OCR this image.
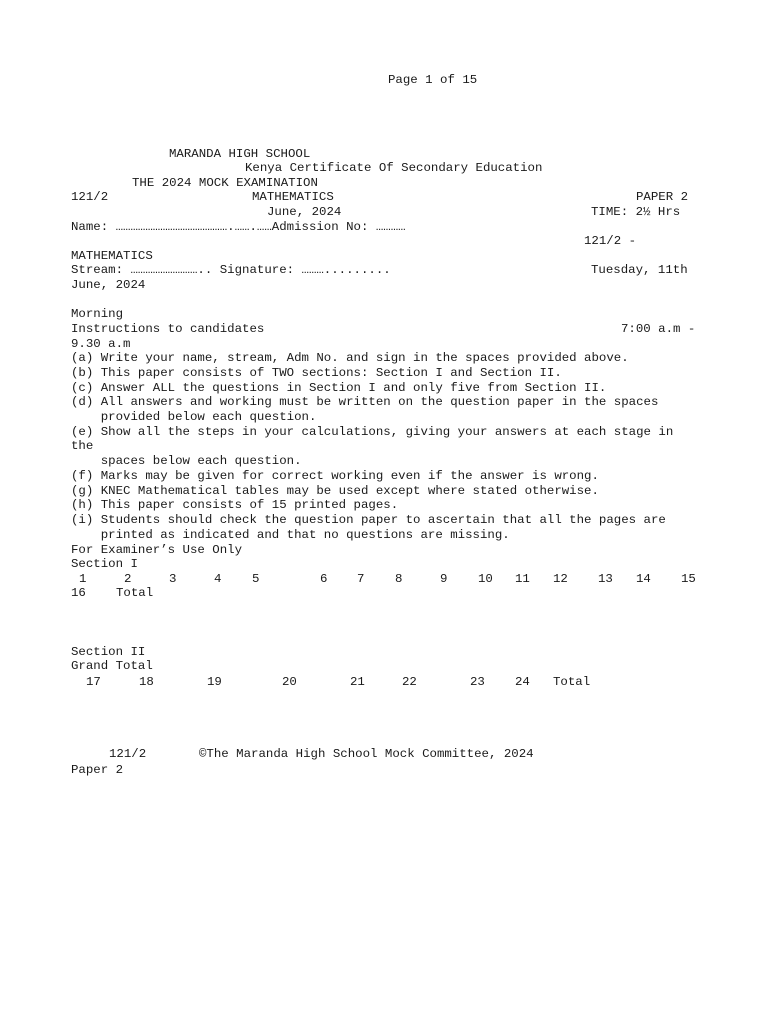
Page 1 of 15
MARANDA HIGH SCHOOL
Kenya Certificate Of Secondary Education
THE 2024 MOCK EXAMINATION
121/2	MATHEMATICS	PAPER 2
June, 2024	TIME: 2½ Hrs
Name: ……………………………………….…….……Admission No: …………
121/2 -
MATHEMATICS
Stream: ……………………….. Signature: ……….........	Tuesday, 11th
June, 2024
Morning
Instructions to candidates	7:00 a.m -
9.30 a.m
(a) Write your name, stream, Adm No. and sign in the spaces provided above.
(b) This paper consists of TWO sections: Section I and Section II.
(c) Answer ALL the questions in Section I and only five from Section II.
(d) All answers and working must be written on the question paper in the spaces
provided below each question.
(e) Show all the steps in your calculations, giving your answers at each stage in
the
spaces below each question.
(f) Marks may be given for correct working even if the answer is wrong.
(g) KNEC Mathematical tables may be used except where stated otherwise.
(h) This paper consists of 15 printed pages.
(i) Students should check the question paper to ascertain that all the pages are
printed as indicated and that no questions are missing.
For Examiner’s Use Only
Section I
1	2	3	4 5	6 7 8	9 10 11 12 13 14 15
16 Total
Section II
Grand Total
17	18	19	20	21	22	23 24 Total
121/2	©The Maranda High School Mock Committee, 2024
Paper 2
